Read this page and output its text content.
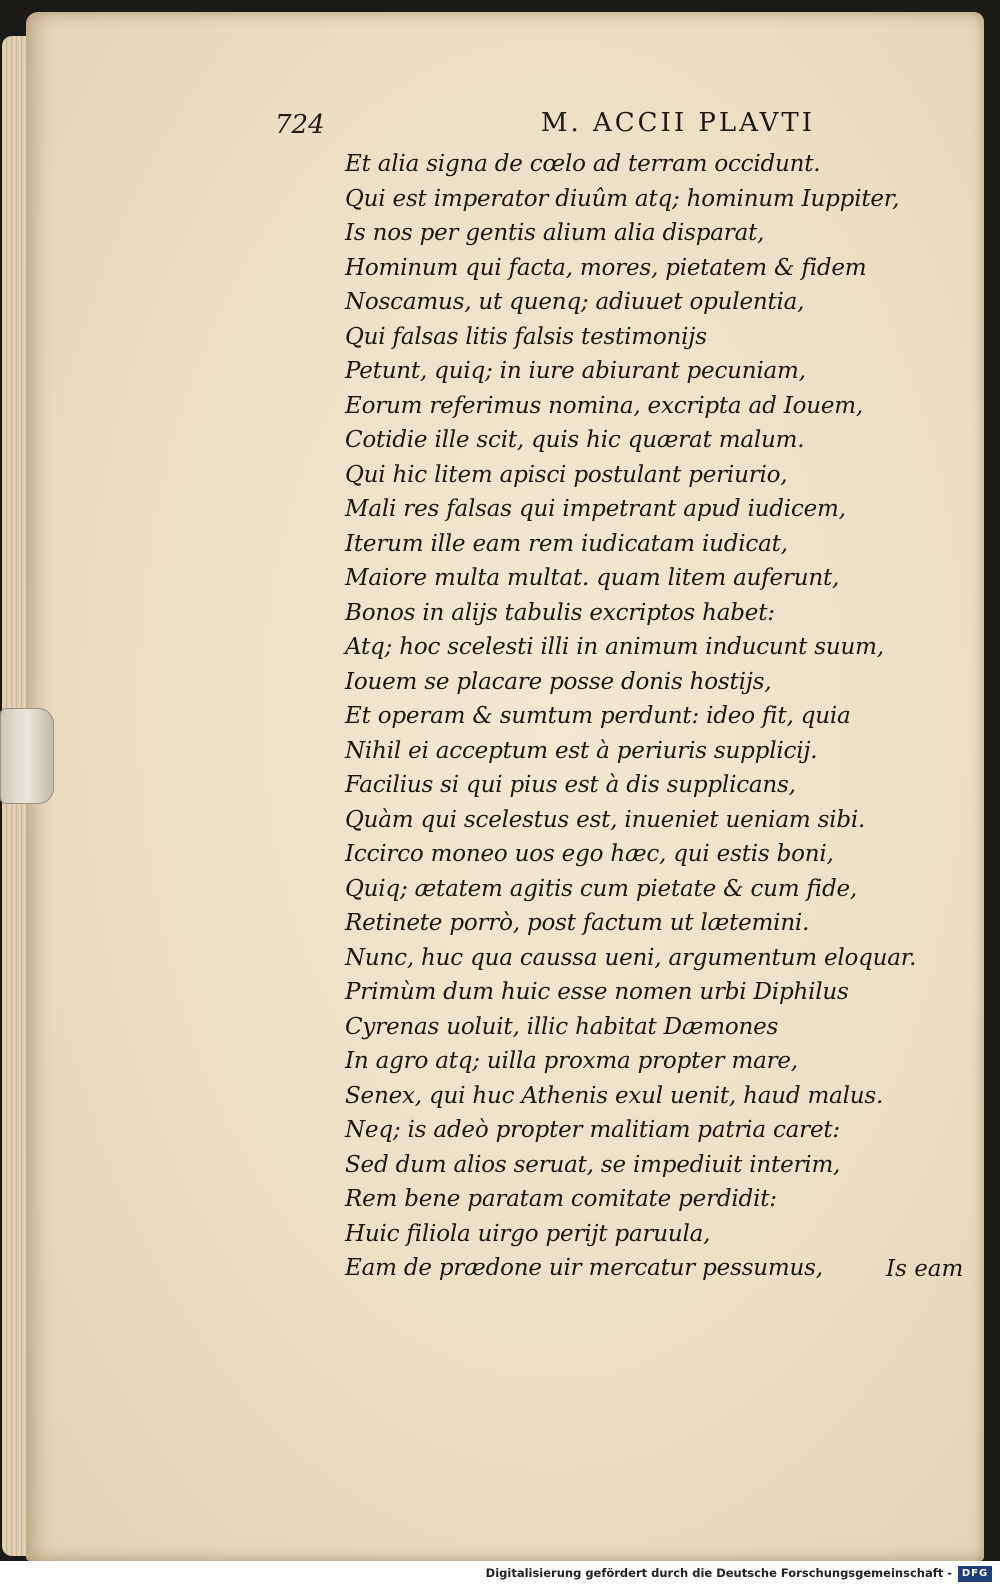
724	M. ACCII PLAVTI
Et alia signa de cœlo ad terram occidunt.
Qui est imperator diuûm atq; hominum Iuppiter,
Is nos per gentis alium alia disparat,
Hominum qui facta, mores, pietatem & fidem
Noscamus, ut quenq; adiuuet opulentia,
Qui falsas litis falsis testimonijs
Petunt, quiq; in iure abiurant pecuniam,
Eorum referimus nomina, excripta ad Iouem,
Cotidie ille scit, quis hic quærat malum.
Qui hic litem apisci postulant periurio,
Mali res falsas qui impetrant apud iudicem,
Iterum ille eam rem iudicatam iudicat,
Maiore multa multat. quam litem auferunt,
Bonos in alijs tabulis excriptos habet:
Atq; hoc scelesti illi in animum inducunt suum,
Iouem se placare posse donis hostijs,
Et operam & sumtum perdunt: ideo fit, quia
Nihil ei acceptum est à periuris supplicij.
Facilius si qui pius est à dis supplicans,
Quàm qui scelestus est, inueniet ueniam sibi.
Iccirco moneo uos ego hæc, qui estis boni,
Quiq; ætatem agitis cum pietate & cum fide,
Retinete porrò, post factum ut lætemini.
Nunc, huc qua caussa ueni, argumentum eloquar.
Primùm dum huic esse nomen urbi Diphilus
Cyrenas uoluit, illic habitat Dæmones
In agro atq; uilla proxma propter mare,
Senex, qui huc Athenis exul uenit, haud malus.
Neq; is adeò propter malitiam patria caret:
Sed dum alios seruat, se impediuit interim,
Rem bene paratam comitate perdidit:
Huic filiola uirgo perijt paruula,
Eam de prædone uir mercatur pessumus,	Is eam
Digitalisierung gefördert durch die Deutsche Forschungsgemeinschaft - DFG
